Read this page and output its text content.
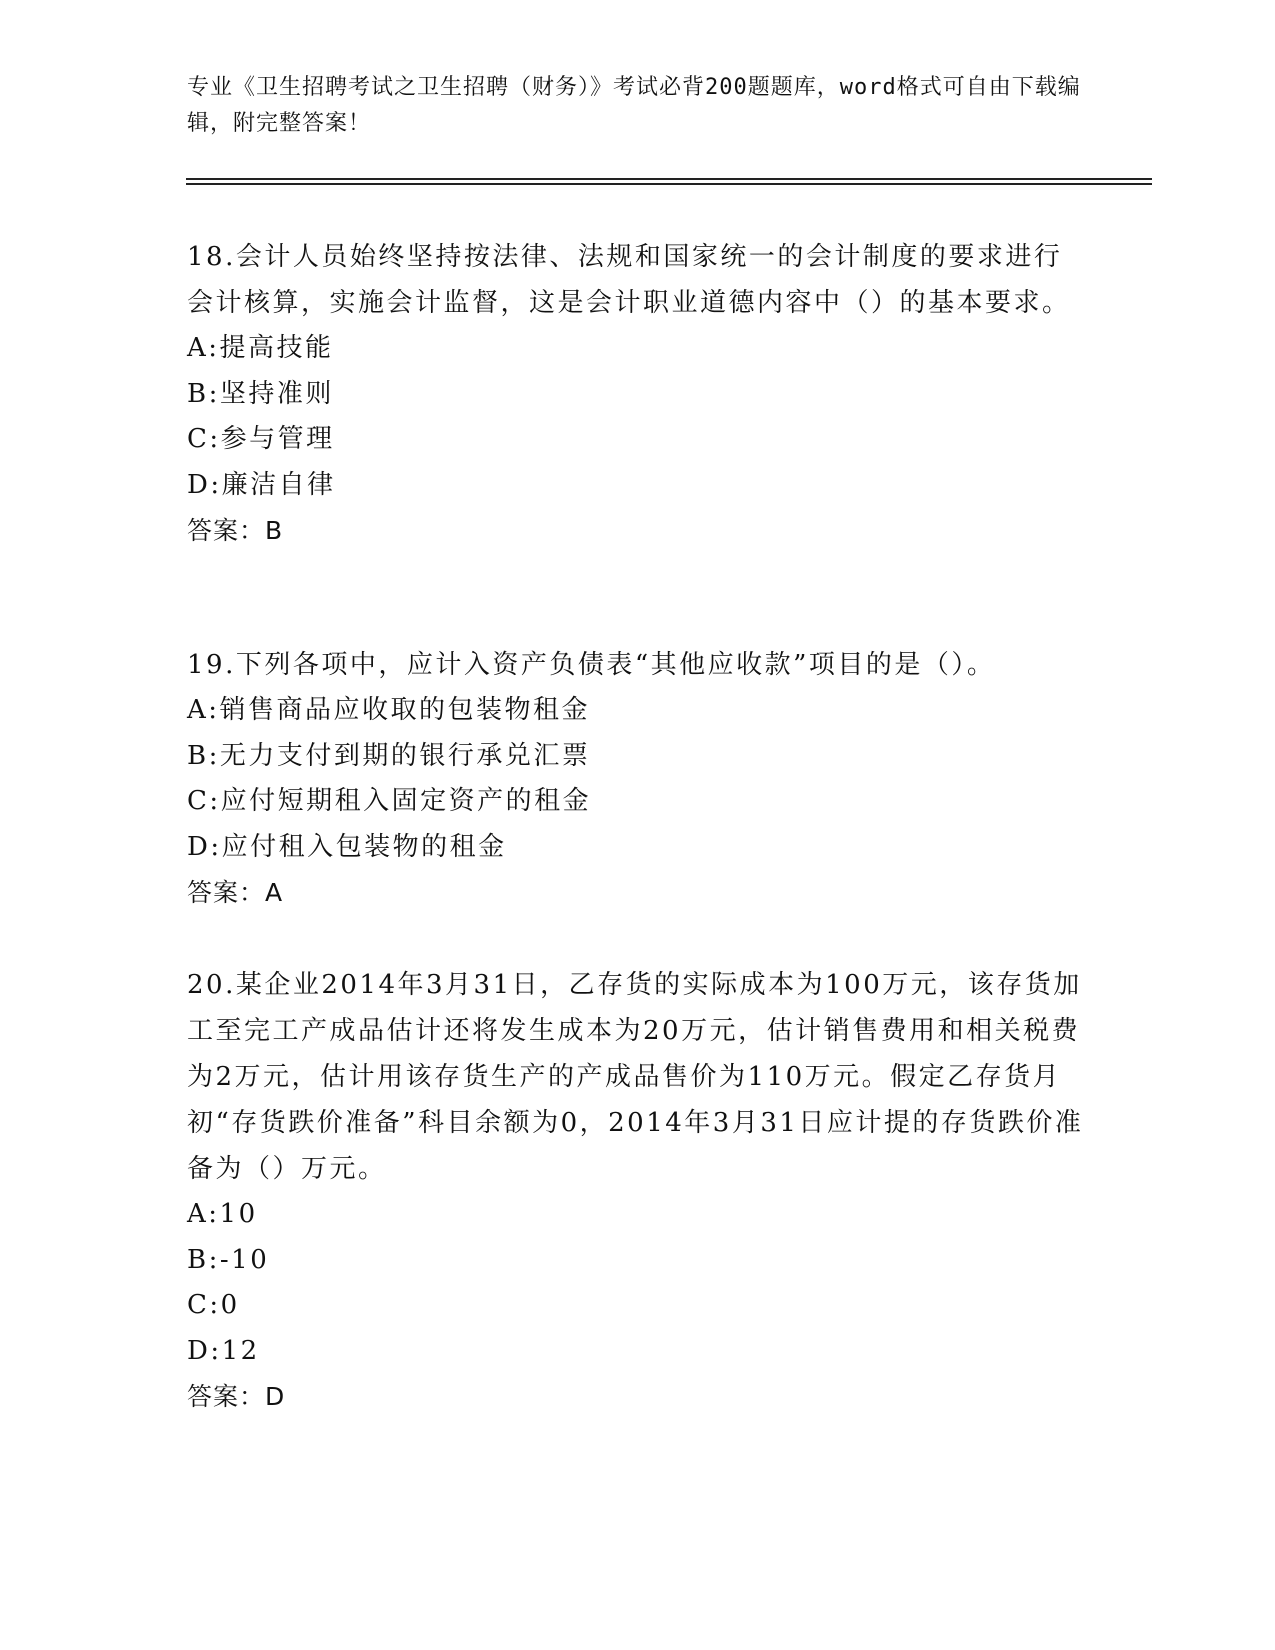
专业《卫生招聘考试之卫生招聘（财务）》考试必背200题题库，word格式可自由下载编辑，附完整答案！

18.会计人员始终坚持按法律、法规和国家统一的会计制度的要求进行会计核算，实施会计监督，这是会计职业道德内容中（）的基本要求。

A:提高技能

B:坚持准则

C:参与管理

D:廉洁自律

答案：B

19.下列各项中，应计入资产负债表“其他应收款”项目的是（）。

A:销售商品应收取的包装物租金

B:无力支付到期的银行承兑汇票

C:应付短期租入固定资产的租金

D:应付租入包装物的租金

答案：A

20.某企业2014年3月31日，乙存货的实际成本为100万元，该存货加工至完工产成品估计还将发生成本为20万元，估计销售费用和相关税费为2万元，估计用该存货生产的产成品售价为110万元。假定乙存货月初“存货跌价准备”科目余额为0，2014年3月31日应计提的存货跌价准备为（）万元。

A:10

B:-10

C:0

D:12

答案：D
